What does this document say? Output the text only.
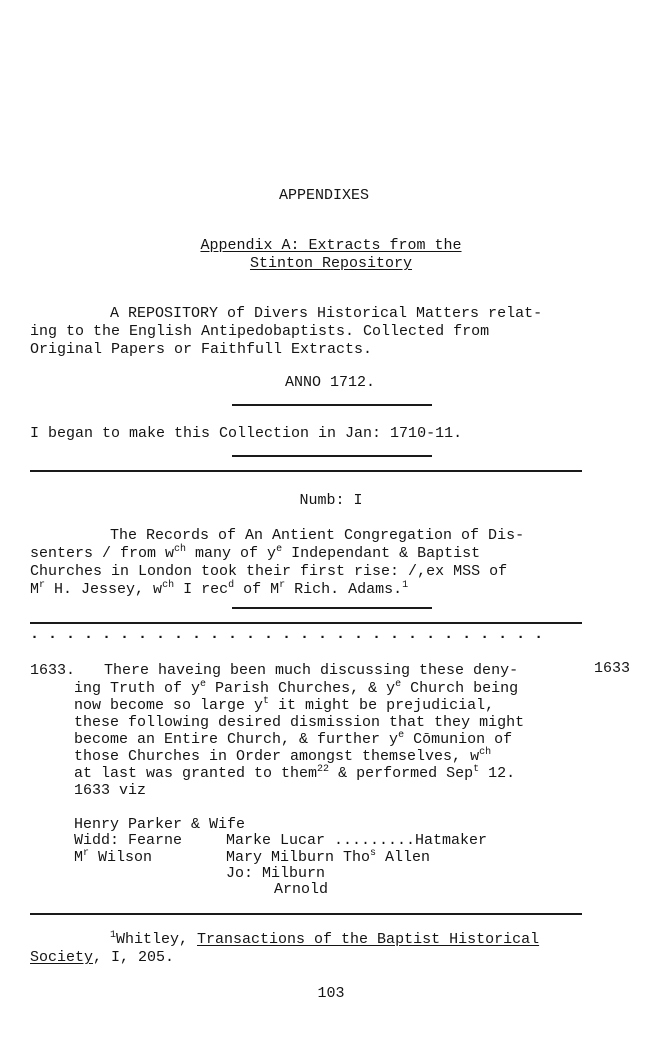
APPENDIXES
Appendix A: Extracts from the
Stinton Repository
A REPOSITORY of Divers Historical Matters relat-
ing to the English Antipedobaptists. Collected from
Original Papers or Faithfull Extracts.
ANNO 1712.
I began to make this Collection in Jan: 1710-11.
Numb: I
The Records of An Antient Congregation of Dis-
senters / from $w^{ch}$ many of $y^e$ Independant & Baptist
Churches in London took their first rise: /,ex MSS of
$M^r$ H. Jessey, $w^{ch}$ I rec$^d$ of $M^r$ Rich. Adams.$^1$
. . . . . . . . . . . . . . . . . . . . . . . . . . . . .
1633.	1633
There haveing been much discussing these deny-
ing Truth of $y^e$ Parish Churches, & $y^e$ Church being
now become so large $y^t$ it might be prejudicial,
these following desired dismission that they might
become an Entire Church, & further $y^e$ Cōmunion of
those Churches in Order amongst themselves, $w^{ch}$
at last was granted to them$^{22}$ & performed Sep$^t$ 12.
1633 viz
Henry Parker & Wife
Widd: Fearne	Marke Lucar .........Hatmaker
$M^r$ Wilson	Mary Milburn Tho$^s$ Allen
Jo: Milburn
Arnold
$^1$Whitley, Transactions of the Baptist Historical
Society, I, 205.
103
